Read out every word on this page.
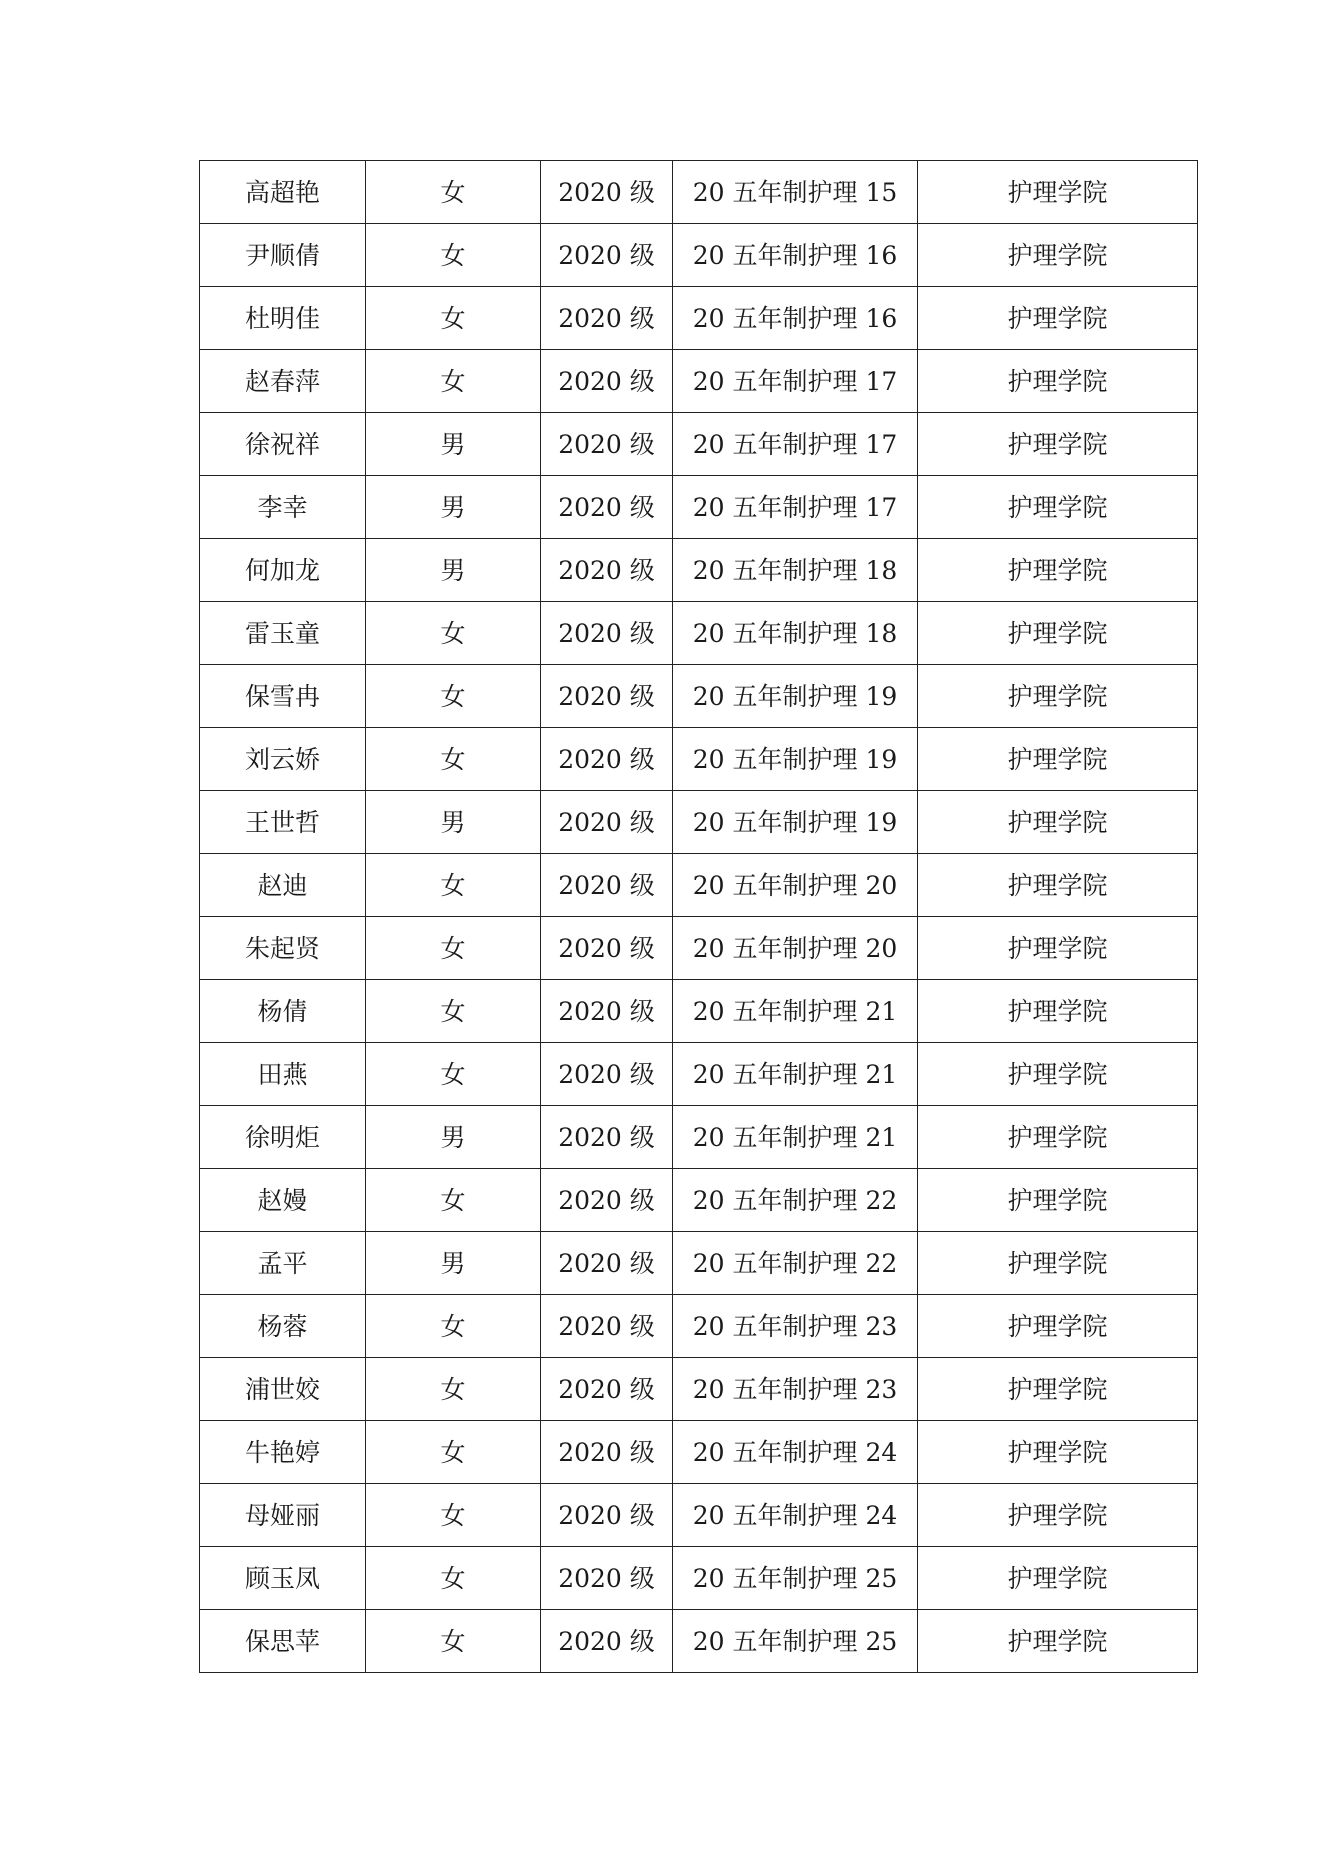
高超艳	女	2020 级	20 五年制护理 15	护理学院
尹顺倩	女	2020 级	20 五年制护理 16	护理学院
杜明佳	女	2020 级	20 五年制护理 16	护理学院
赵春萍	女	2020 级	20 五年制护理 17	护理学院
徐祝祥	男	2020 级	20 五年制护理 17	护理学院
李幸	男	2020 级	20 五年制护理 17	护理学院
何加龙	男	2020 级	20 五年制护理 18	护理学院
雷玉童	女	2020 级	20 五年制护理 18	护理学院
保雪冉	女	2020 级	20 五年制护理 19	护理学院
刘云娇	女	2020 级	20 五年制护理 19	护理学院
王世哲	男	2020 级	20 五年制护理 19	护理学院
赵迪	女	2020 级	20 五年制护理 20	护理学院
朱起贤	女	2020 级	20 五年制护理 20	护理学院
杨倩	女	2020 级	20 五年制护理 21	护理学院
田燕	女	2020 级	20 五年制护理 21	护理学院
徐明炬	男	2020 级	20 五年制护理 21	护理学院
赵嫚	女	2020 级	20 五年制护理 22	护理学院
孟平	男	2020 级	20 五年制护理 22	护理学院
杨蓉	女	2020 级	20 五年制护理 23	护理学院
浦世姣	女	2020 级	20 五年制护理 23	护理学院
牛艳婷	女	2020 级	20 五年制护理 24	护理学院
母娅丽	女	2020 级	20 五年制护理 24	护理学院
顾玉凤	女	2020 级	20 五年制护理 25	护理学院
保思苹	女	2020 级	20 五年制护理 25	护理学院
